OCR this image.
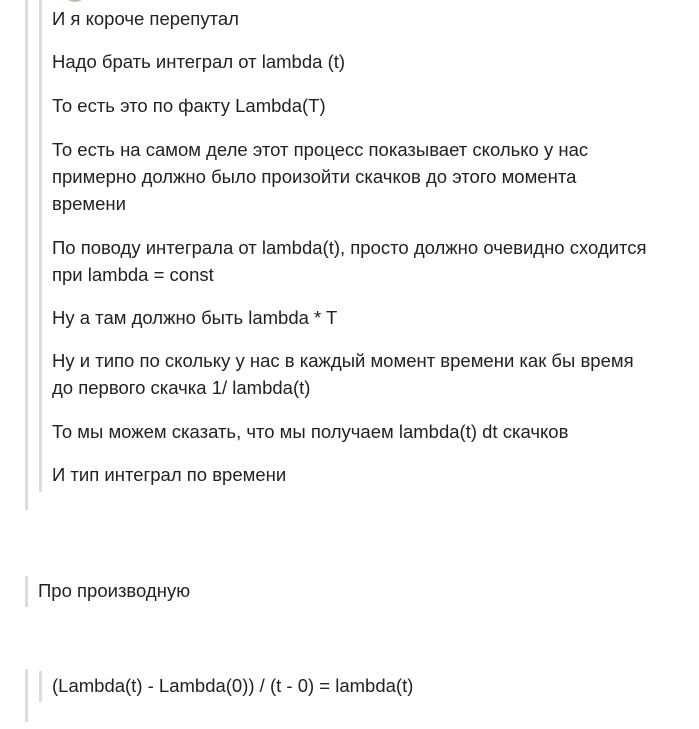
И я короче перепутал
Надо брать интеграл от lambda (t)
То есть это по факту Lambda(T)
То есть на самом деле этот процесс показывает сколько у нас
примерно должно было произойти скачков до этого момента
времени
По поводу интеграла от lambda(t), просто должно очевидно сходится
при lambda = const
Ну а там должно быть lambda * T
Ну и типо по скольку у нас в каждый момент времени как бы время
до первого скачка 1/ lambda(t)
То мы можем сказать, что мы получаем lambda(t) dt скачков
И тип интеграл по времени
Про производную
(Lambda(t) - Lambda(0)) / (t - 0) = lambda(t)
